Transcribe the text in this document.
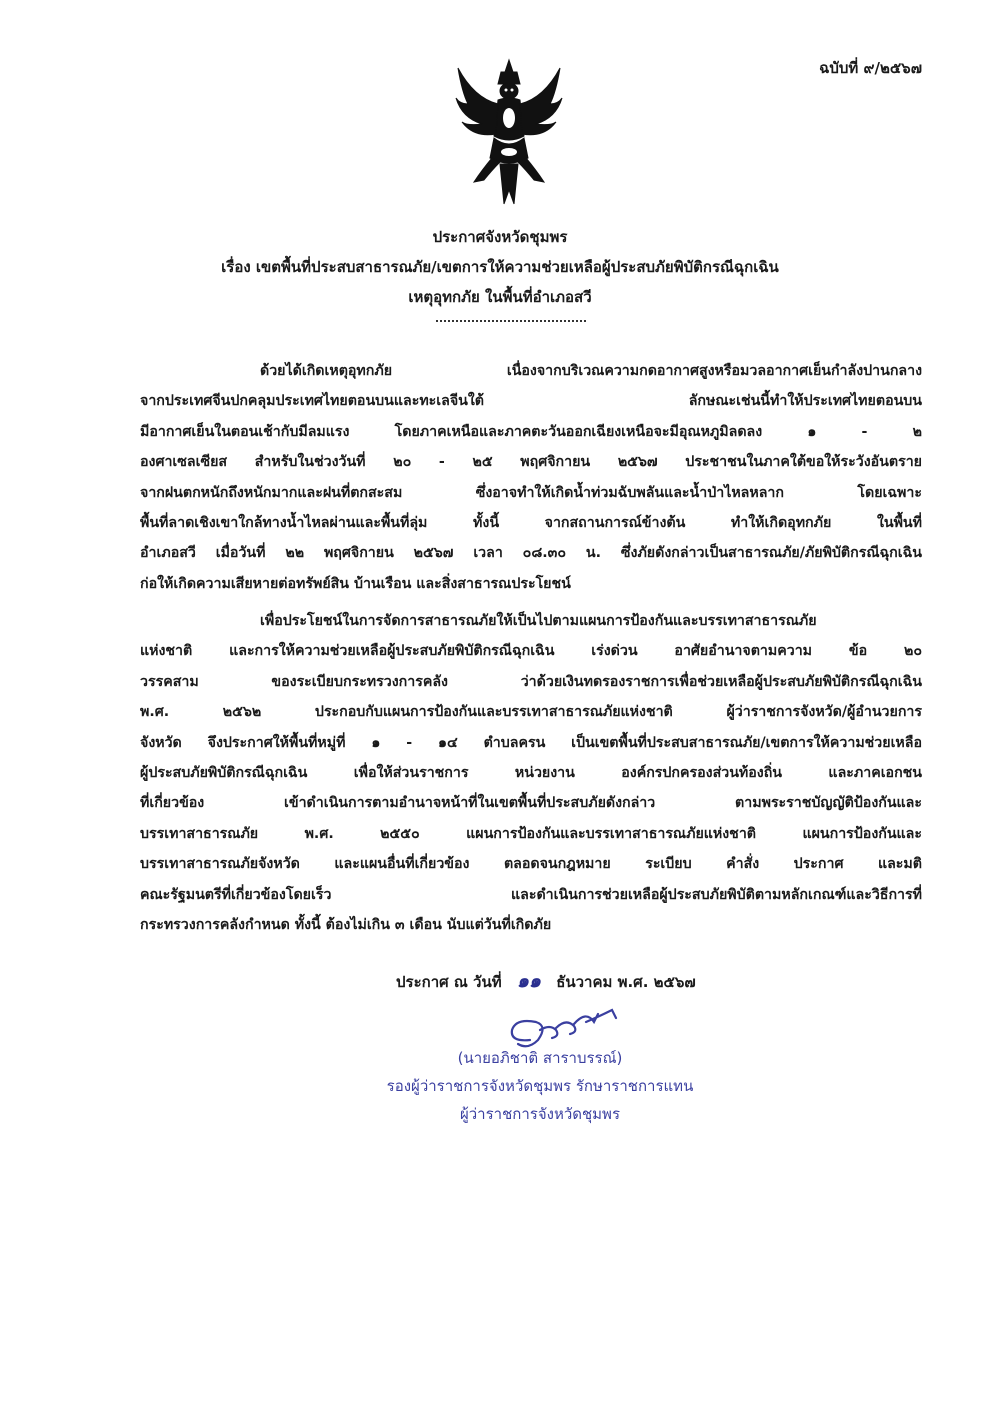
ฉบับที่ ๙/๒๕๖๗
ประกาศจังหวัดชุมพร
เรื่อง เขตพื้นที่ประสบสาธารณภัย/เขตการให้ความช่วยเหลือผู้ประสบภัยพิบัติกรณีฉุกเฉิน
เหตุอุทกภัย ในพื้นที่อำเภอสวี
ด้วยได้เกิดเหตุอุทกภัย เนื่องจากบริเวณความกดอากาศสูงหรือมวลอากาศเย็นกำลังปานกลาง
จากประเทศจีนปกคลุมประเทศไทยตอนบนและทะเลจีนใต้ ลักษณะเช่นนี้ทำให้ประเทศไทยตอนบน
มีอากาศเย็นในตอนเช้ากับมีลมแรง โดยภาคเหนือและภาคตะวันออกเฉียงเหนือจะมีอุณหภูมิลดลง ๑ - ๒
องศาเซลเซียส สำหรับในช่วงวันที่ ๒๐ - ๒๕ พฤศจิกายน ๒๕๖๗ ประชาชนในภาคใต้ขอให้ระวังอันตราย
จากฝนตกหนักถึงหนักมากและฝนที่ตกสะสม ซึ่งอาจทำให้เกิดน้ำท่วมฉับพลันและน้ำป่าไหลหลาก โดยเฉพาะ
พื้นที่ลาดเชิงเขาใกล้ทางน้ำไหลผ่านและพื้นที่ลุ่ม ทั้งนี้ จากสถานการณ์ข้างต้น ทำให้เกิดอุทกภัย ในพื้นที่
อำเภอสวี เมื่อวันที่ ๒๒ พฤศจิกายน ๒๕๖๗ เวลา ๐๘.๓๐ น. ซึ่งภัยดังกล่าวเป็นสาธารณภัย/ภัยพิบัติกรณีฉุกเฉิน
ก่อให้เกิดความเสียหายต่อทรัพย์สิน บ้านเรือน และสิ่งสาธารณประโยชน์
เพื่อประโยชน์ในการจัดการสาธารณภัยให้เป็นไปตามแผนการป้องกันและบรรเทาสาธารณภัย
แห่งชาติ และการให้ความช่วยเหลือผู้ประสบภัยพิบัติกรณีฉุกเฉิน เร่งด่วน อาศัยอำนาจตามความ ข้อ ๒๐
วรรคสาม ของระเบียบกระทรวงการคลัง ว่าด้วยเงินทดรองราชการเพื่อช่วยเหลือผู้ประสบภัยพิบัติกรณีฉุกเฉิน
พ.ศ. ๒๕๖๒ ประกอบกับแผนการป้องกันและบรรเทาสาธารณภัยแห่งชาติ ผู้ว่าราชการจังหวัด/ผู้อำนวยการ
จังหวัด จึงประกาศให้พื้นที่หมู่ที่ ๑ - ๑๔ ตำบลครน เป็นเขตพื้นที่ประสบสาธารณภัย/เขตการให้ความช่วยเหลือ
ผู้ประสบภัยพิบัติกรณีฉุกเฉิน เพื่อให้ส่วนราชการ หน่วยงาน องค์กรปกครองส่วนท้องถิ่น และภาคเอกชน
ที่เกี่ยวข้อง เข้าดำเนินการตามอำนาจหน้าที่ในเขตพื้นที่ประสบภัยดังกล่าว ตามพระราชบัญญัติป้องกันและ
บรรเทาสาธารณภัย พ.ศ. ๒๕๕๐ แผนการป้องกันและบรรเทาสาธารณภัยแห่งชาติ แผนการป้องกันและ
บรรเทาสาธารณภัยจังหวัด และแผนอื่นที่เกี่ยวข้อง ตลอดจนกฎหมาย ระเบียบ คำสั่ง ประกาศ และมติ
คณะรัฐมนตรีที่เกี่ยวข้องโดยเร็ว และดำเนินการช่วยเหลือผู้ประสบภัยพิบัติตามหลักเกณฑ์และวิธีการที่
กระทรวงการคลังกำหนด ทั้งนี้ ต้องไม่เกิน ๓ เดือน นับแต่วันที่เกิดภัย
ประกาศ ณ วันที่ ๑๑ ธันวาคม พ.ศ. ๒๕๖๗
(นายอภิชาติ สาราบรรณ์)
รองผู้ว่าราชการจังหวัดชุมพร รักษาราชการแทน
ผู้ว่าราชการจังหวัดชุมพร
